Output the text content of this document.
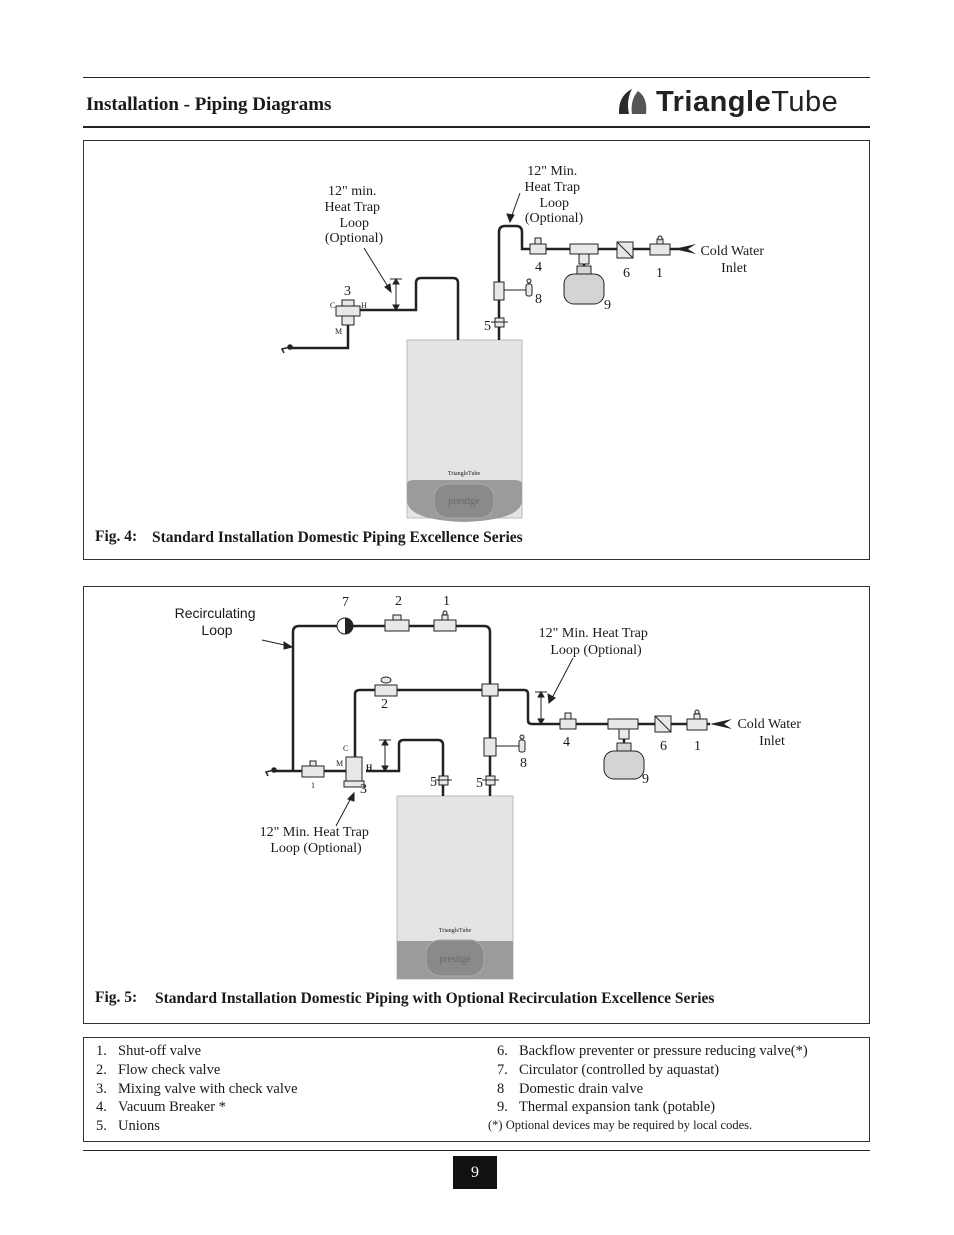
Installation - Piping Diagrams	TriangleTube
prestige
TriangleTube
C	H
M
12" min. Heat Trap Loop (Optional)
12" Min. Heat Trap Loop (Optional)
Cold Water Inlet
3
4
5
6 1
8	9
Fig. 4: Standard Installation Domestic Piping Excellence Series
prestige
TriangleTube
C
M	H
Recirculating Loop	12" Min. Heat Trap Loop (Optional)
12" Min. Heat Trap Loop (Optional)
Cold Water Inlet
7	2	1
2
4	6 1
8
9
3	5	5
1
Fig. 5: Standard Installation Domestic Piping with Optional Recirculation Excellence Series
1. Shut-off valve
2. Flow check valve
3. Mixing valve with check valve
4. Vacuum Breaker *
5. Unions
6. Backflow preventer or pressure reducing valve(*)
7. Circulator (controlled by aquastat)
8 Domestic drain valve
9. Thermal expansion tank (potable)
(*) Optional devices may be required by local codes.
9
